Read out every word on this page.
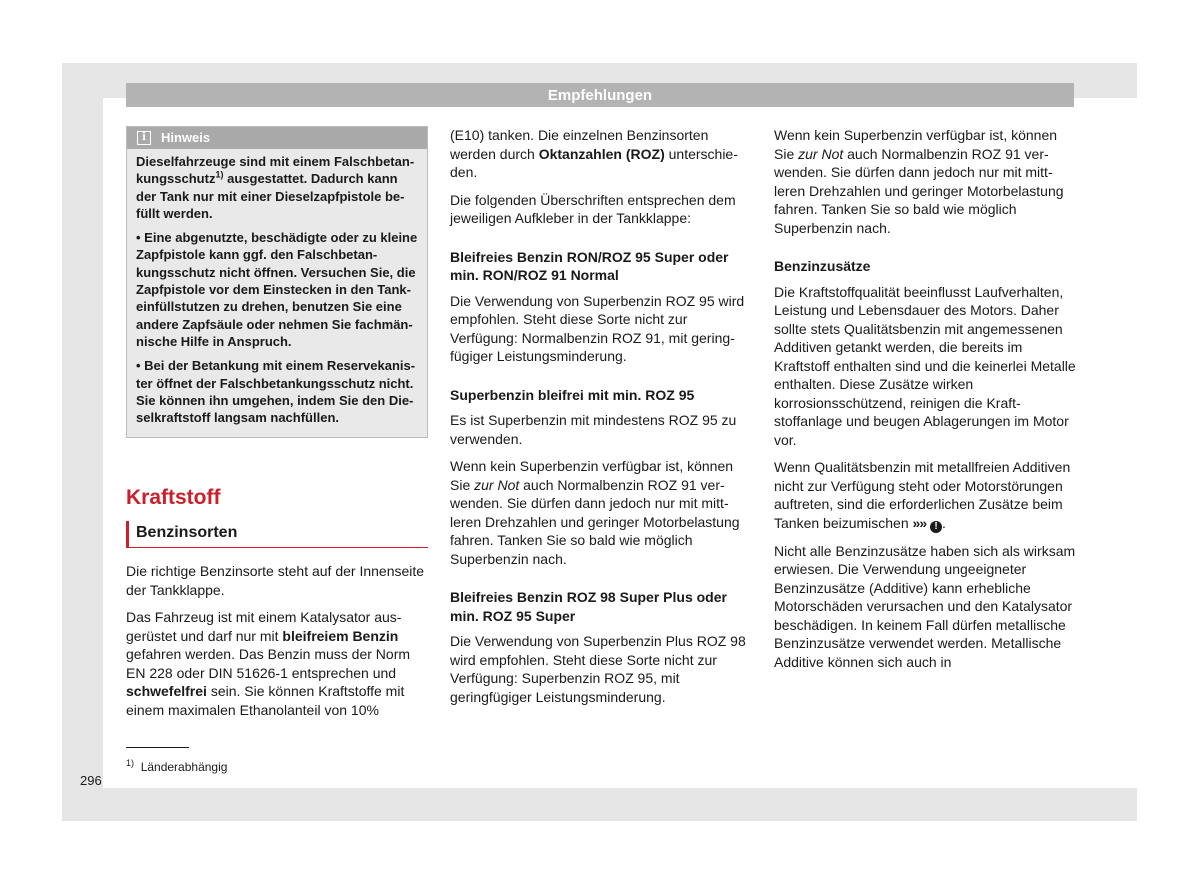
Empfehlungen
i	Hinweis

Dieselfahrzeuge sind mit einem Falschbetankungsschutz$^{1)}$ ausgestattet. Dadurch kann der Tank nur mit einer Dieselzapfpistole befüllt werden.

• Eine abgenutzte, beschädigte oder zu kleine Zapfpistole kann ggf. den Falschbetankungsschutz nicht öffnen. Versuchen Sie, die Zapfpistole vor dem Einstecken in den Tankeinfüllstutzen zu drehen, benutzen Sie eine andere Zapfsäule oder nehmen Sie fachmännische Hilfe in Anspruch.

• Bei der Betankung mit einem Reservekanister öffnet der Falschbetankungsschutz nicht. Sie können ihn umgehen, indem Sie den Dieselkraftstoff langsam nachfüllen.

Kraftstoff
Benzinsorten

Die richtige Benzinsorte steht auf der Innenseite der Tankklappe.

Das Fahrzeug ist mit einem Katalysator ausgerüstet und darf nur mit bleifreiem Benzin gefahren werden. Das Benzin muss der Norm EN 228 oder DIN 51626-1 entsprechen und schwefelfrei sein. Sie können Kraftstoffe mit einem maximalen Ethanolanteil von 10%

(E10) tanken. Die einzelnen Benzinsorten werden durch Oktanzahlen (ROZ) unterschieden.

Die folgenden Überschriften entsprechen dem jeweiligen Aufkleber in der Tankklappe:

Bleifreies Benzin RON/ROZ 95 Super oder min. RON/ROZ 91 Normal

Die Verwendung von Superbenzin ROZ 95 wird empfohlen. Steht diese Sorte nicht zur Verfügung: Normalbenzin ROZ 91, mit geringfügiger Leistungsminderung.

Superbenzin bleifrei mit min. ROZ 95

Es ist Superbenzin mit mindestens ROZ 95 zu verwenden.

Wenn kein Superbenzin verfügbar ist, können Sie zur Not auch Normalbenzin ROZ 91 verwenden. Sie dürfen dann jedoch nur mit mittleren Drehzahlen und geringer Motorbelastung fahren. Tanken Sie so bald wie möglich Superbenzin nach.

Bleifreies Benzin ROZ 98 Super Plus oder min. ROZ 95 Super

Die Verwendung von Superbenzin Plus ROZ 98 wird empfohlen. Steht diese Sorte nicht zur Verfügung: Superbenzin ROZ 95, mit geringfügiger Leistungsminderung.

Wenn kein Superbenzin verfügbar ist, können Sie zur Not auch Normalbenzin ROZ 91 verwenden. Sie dürfen dann jedoch nur mit mittleren Drehzahlen und geringer Motorbelastung fahren. Tanken Sie so bald wie möglich Superbenzin nach.

Benzinzusätze

Die Kraftstoffqualität beeinflusst Laufverhalten, Leistung und Lebensdauer des Motors. Daher sollte stets Qualitätsbenzin mit angemessenen Additiven getankt werden, die bereits im Kraftstoff enthalten sind und die keinerlei Metalle enthalten. Diese Zusätze wirken korrosionsschützend, reinigen die Kraftstoffanlage und beugen Ablagerungen im Motor vor.

Wenn Qualitätsbenzin mit metallfreien Additiven nicht zur Verfügung steht oder Motorstörungen auftreten, sind die erforderlichen Zusätze beim Tanken beizumischen »» ! .

Nicht alle Benzinzusätze haben sich als wirksam erwiesen. Die Verwendung ungeeigneter Benzinzusätze (Additive) kann erhebliche Motorschäden verursachen und den Katalysator beschädigen. In keinem Fall dürfen metallische Benzinzusätze verwendet werden. Metallische Additive können sich auch in

$^{1)}$ Länderabhängig
296
